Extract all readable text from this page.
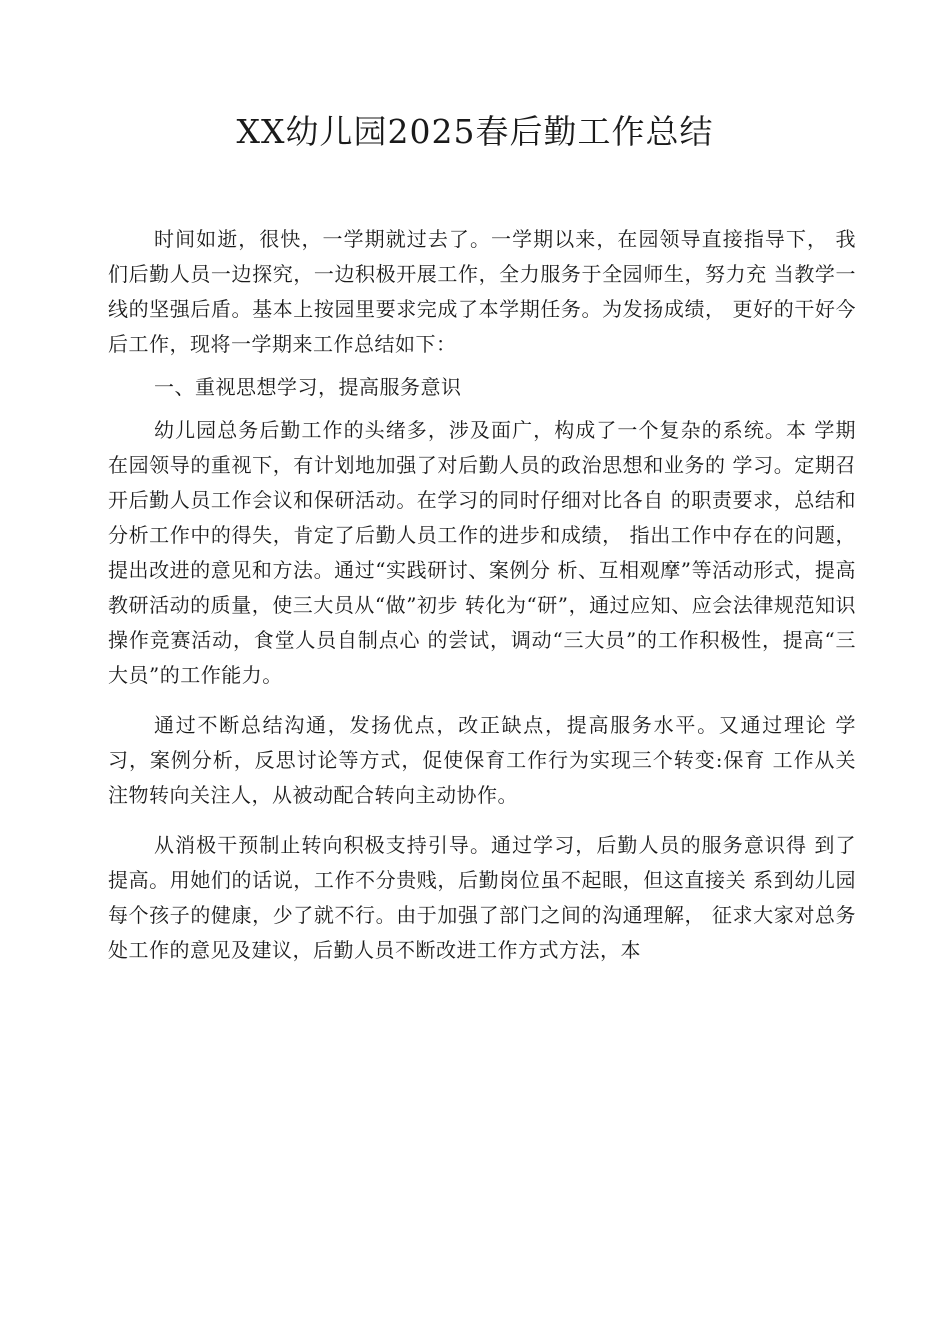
XX幼儿园2025春后勤工作总结

时间如逝，很快，一学期就过去了。一学期以来，在园领导直接指导下， 我们后勤人员一边探究，一边积极开展工作，全力服务于全园师生，努力充 当教学一线的坚强后盾。基本上按园里要求完成了本学期任务。为发扬成绩， 更好的干好今后工作，现将一学期来工作总结如下：

一、重视思想学习，提高服务意识

幼儿园总务后勤工作的头绪多，涉及面广，构成了一个复杂的系统。本 学期在园领导的重视下，有计划地加强了对后勤人员的政治思想和业务的 学习。定期召开后勤人员工作会议和保研活动。在学习的同时仔细对比各自 的职责要求，总结和分析工作中的得失，肯定了后勤人员工作的进步和成绩， 指出工作中存在的问题，提出改进的意见和方法。通过“实践研讨、案例分 析、互相观摩”等活动形式，提高教研活动的质量，使三大员从“做”初步 转化为“研”，通过应知、应会法律规范知识操作竞赛活动，食堂人员自制点心 的尝试，调动“三大员”的工作积极性，提高“三大员”的工作能力。

通过不断总结沟通，发扬优点，改正缺点，提高服务水平。又通过理论 学习，案例分析，反思讨论等方式，促使保育工作行为实现三个转变:保育 工作从关注物转向关注人，从被动配合转向主动协作。

从消极干预制止转向积极支持引导。通过学习，后勤人员的服务意识得 到了提高。用她们的话说，工作不分贵贱，后勤岗位虽不起眼，但这直接关 系到幼儿园每个孩子的健康，少了就不行。由于加强了部门之间的沟通理解， 征求大家对总务处工作的意见及建议，后勤人员不断改进工作方式方法，本
